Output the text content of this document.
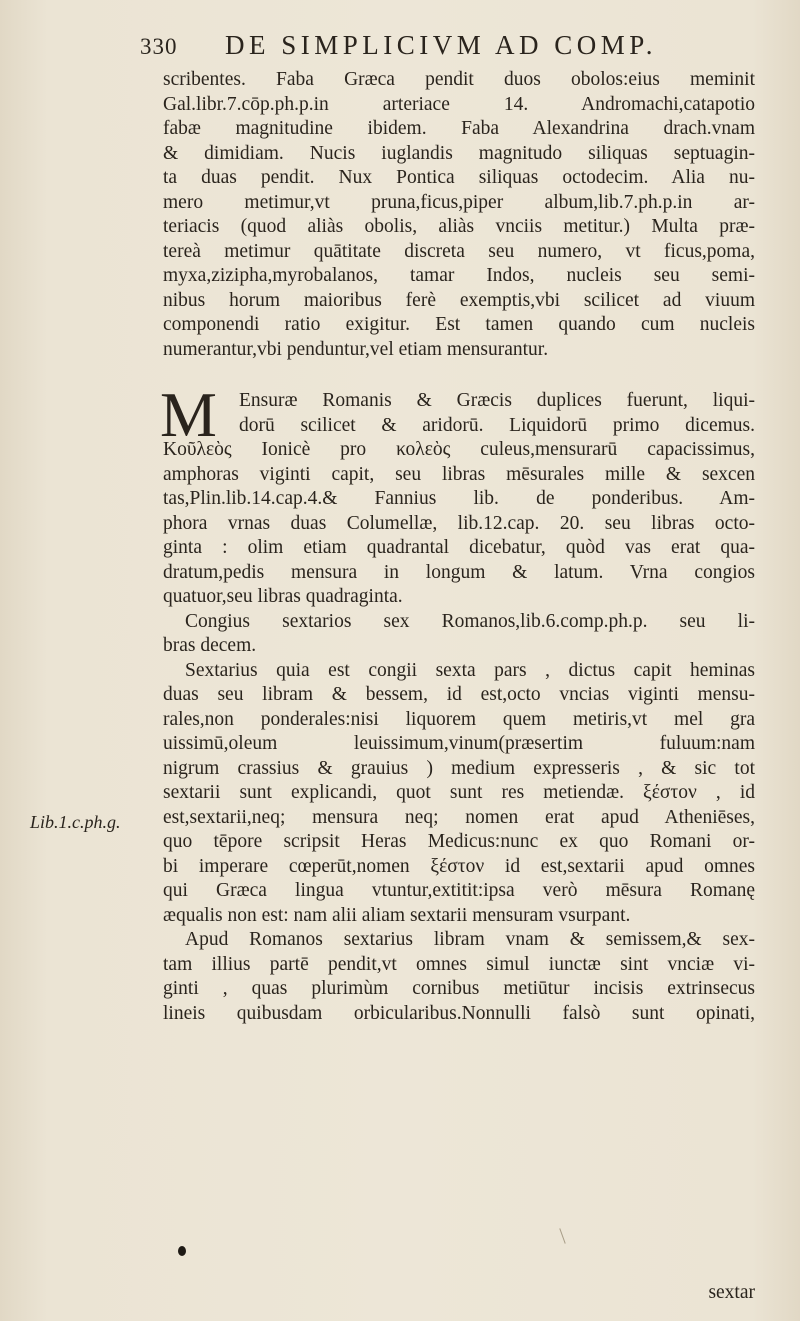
330 DE SIMPLICIVM AD COMP.
Lib.1.c.ph.g.
scribentes. Faba Græca pendit duos obolos:eius meminit
Gal.libr.7.cōp.ph.p.in arteriace 14. Andromachi,catapotio
fabæ magnitudine ibidem. Faba Alexandrina drach.vnam
& dimidiam. Nucis iuglandis magnitudo siliquas septuagin-
ta duas pendit. Nux Pontica siliquas octodecim. Alia nu-
mero metimur,vt pruna,ficus,piper album,lib.7.ph.p.in ar-
teriacis (quod aliàs obolis, aliàs vnciis metitur.) Multa præ-
tereà metimur quātitate discreta seu numero, vt ficus,poma,
myxa,zizipha,myrobalanos, tamar Indos, nucleis seu semi-
nibus horum maioribus ferè exemptis,vbi scilicet ad viuum
componendi ratio exigitur. Est tamen quando cum nucleis
numerantur,vbi penduntur,vel etiam mensurantur.
M	Ensuræ Romanis & Græcis duplices fuerunt, liqui-
dorū scilicet & aridorū. Liquidorū primo dicemus.
Κοῦλεὸς Ionicè pro κολεὸς culeus,mensurarū capacissimus,
amphoras viginti capit, seu libras mēsurales mille & sexcen
tas,Plin.lib.14.cap.4.& Fannius lib. de ponderibus. Am-
phora vrnas duas Columellæ, lib.12.cap. 20. seu libras octo-
ginta : olim etiam quadrantal dicebatur, quòd vas erat qua-
dratum,pedis mensura in longum & latum. Vrna congios
quatuor,seu libras quadraginta.
Congius sextarios sex Romanos,lib.6.comp.ph.p. seu li-
bras decem.
Sextarius quia est congii sexta pars , dictus capit heminas
duas seu libram & bessem, id est,octo vncias viginti mensu-
rales,non ponderales:nisi liquorem quem metiris,vt mel gra
uissimū,oleum leuissimum,vinum(præsertim fuluum:nam
nigrum crassius & grauius ) medium expresseris , & sic tot
sextarii sunt explicandi, quot sunt res metiendæ. ξέστον , id
est,sextarii,neq; mensura neq; nomen erat apud Atheniēses,
quo tēpore scripsit Heras Medicus:nunc ex quo Romani or-
bi imperare cœperūt,nomen ξέστον id est,sextarii apud omnes
qui Græca lingua vtuntur,extitit:ipsa verò mēsura Romanę
æqualis non est: nam alii aliam sextarii mensuram vsurpant.
Apud Romanos sextarius libram vnam & semissem,& sex-
tam illius partē pendit,vt omnes simul iunctæ sint vnciæ vi-
ginti , quas plurimùm cornibus metiūtur incisis extrinsecus
lineis quibusdam orbicularibus.Nonnulli falsò sunt opinati,
sextar
